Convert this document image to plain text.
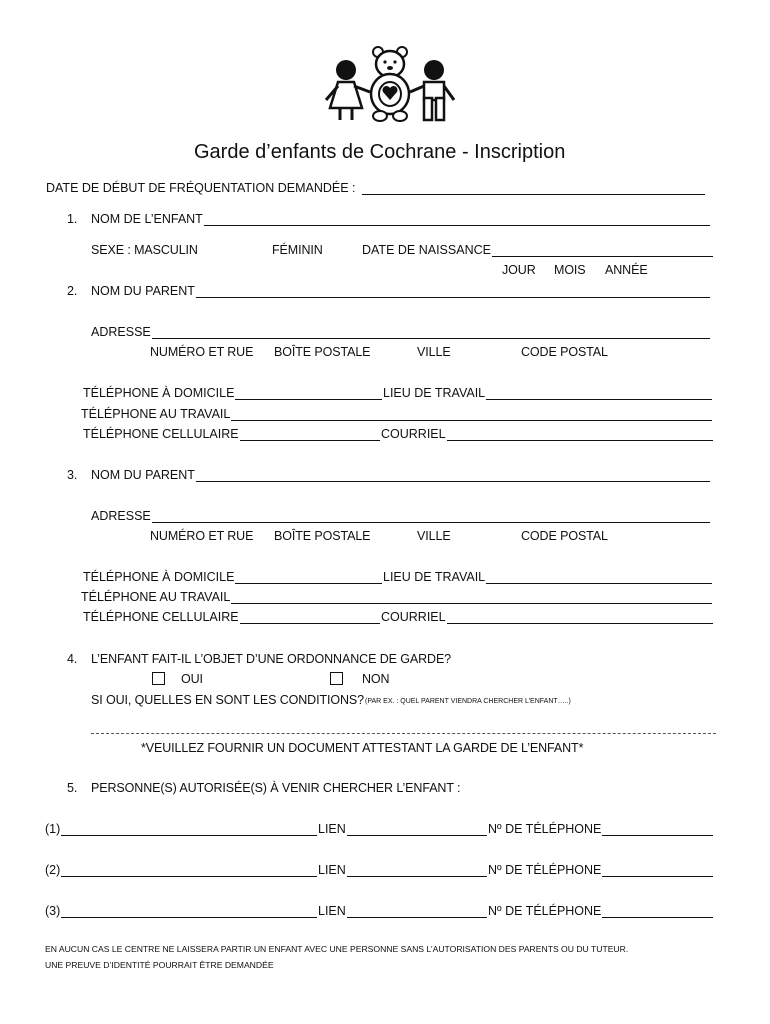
Garde d’enfants de Cochrane - Inscription
DATE DE DÉBUT DE FRÉQUENTATION DEMANDÉE :
1. NOM DE L’ENFANT
SEXE : MASCULIN	FÉMININ	DATE DE NAISSANCE
JOUR MOIS ANNÉE
2. NOM DU PARENT
ADRESSE
NUMÉRO ET RUE BOÎTE POSTALE	VILLE	CODE POSTAL
TÉLÉPHONE À DOMICILE	LIEU DE TRAVAIL
TÉLÉPHONE AU TRAVAIL
TÉLÉPHONE CELLULAIRE	COURRIEL
3. NOM DU PARENT
ADRESSE
NUMÉRO ET RUE BOÎTE POSTALE	VILLE	CODE POSTAL
TÉLÉPHONE À DOMICILE	LIEU DE TRAVAIL
TÉLÉPHONE AU TRAVAIL
TÉLÉPHONE CELLULAIRE	COURRIEL
4. L’ENFANT FAIT-IL L’OBJET D’UNE ORDONNANCE DE GARDE?
OUI	NON
SI OUI, QUELLES EN SONT LES CONDITIONS? (PAR EX. : QUEL PARENT VIENDRA CHERCHER L’ENFANT…..)
*VEUILLEZ FOURNIR UN DOCUMENT ATTESTANT LA GARDE DE L’ENFANT*
5. PERSONNE(S) AUTORISÉE(S) À VENIR CHERCHER L’ENFANT :
(1)	LIEN	Nº DE TÉLÉPHONE
(2)	LIEN	Nº DE TÉLÉPHONE
(3)	LIEN	Nº DE TÉLÉPHONE
EN AUCUN CAS LE CENTRE NE LAISSERA PARTIR UN ENFANT AVEC UNE PERSONNE SANS L’AUTORISATION DES PARENTS OU DU TUTEUR.
UNE PREUVE D’IDENTITÉ POURRAIT ÊTRE DEMANDÉE
